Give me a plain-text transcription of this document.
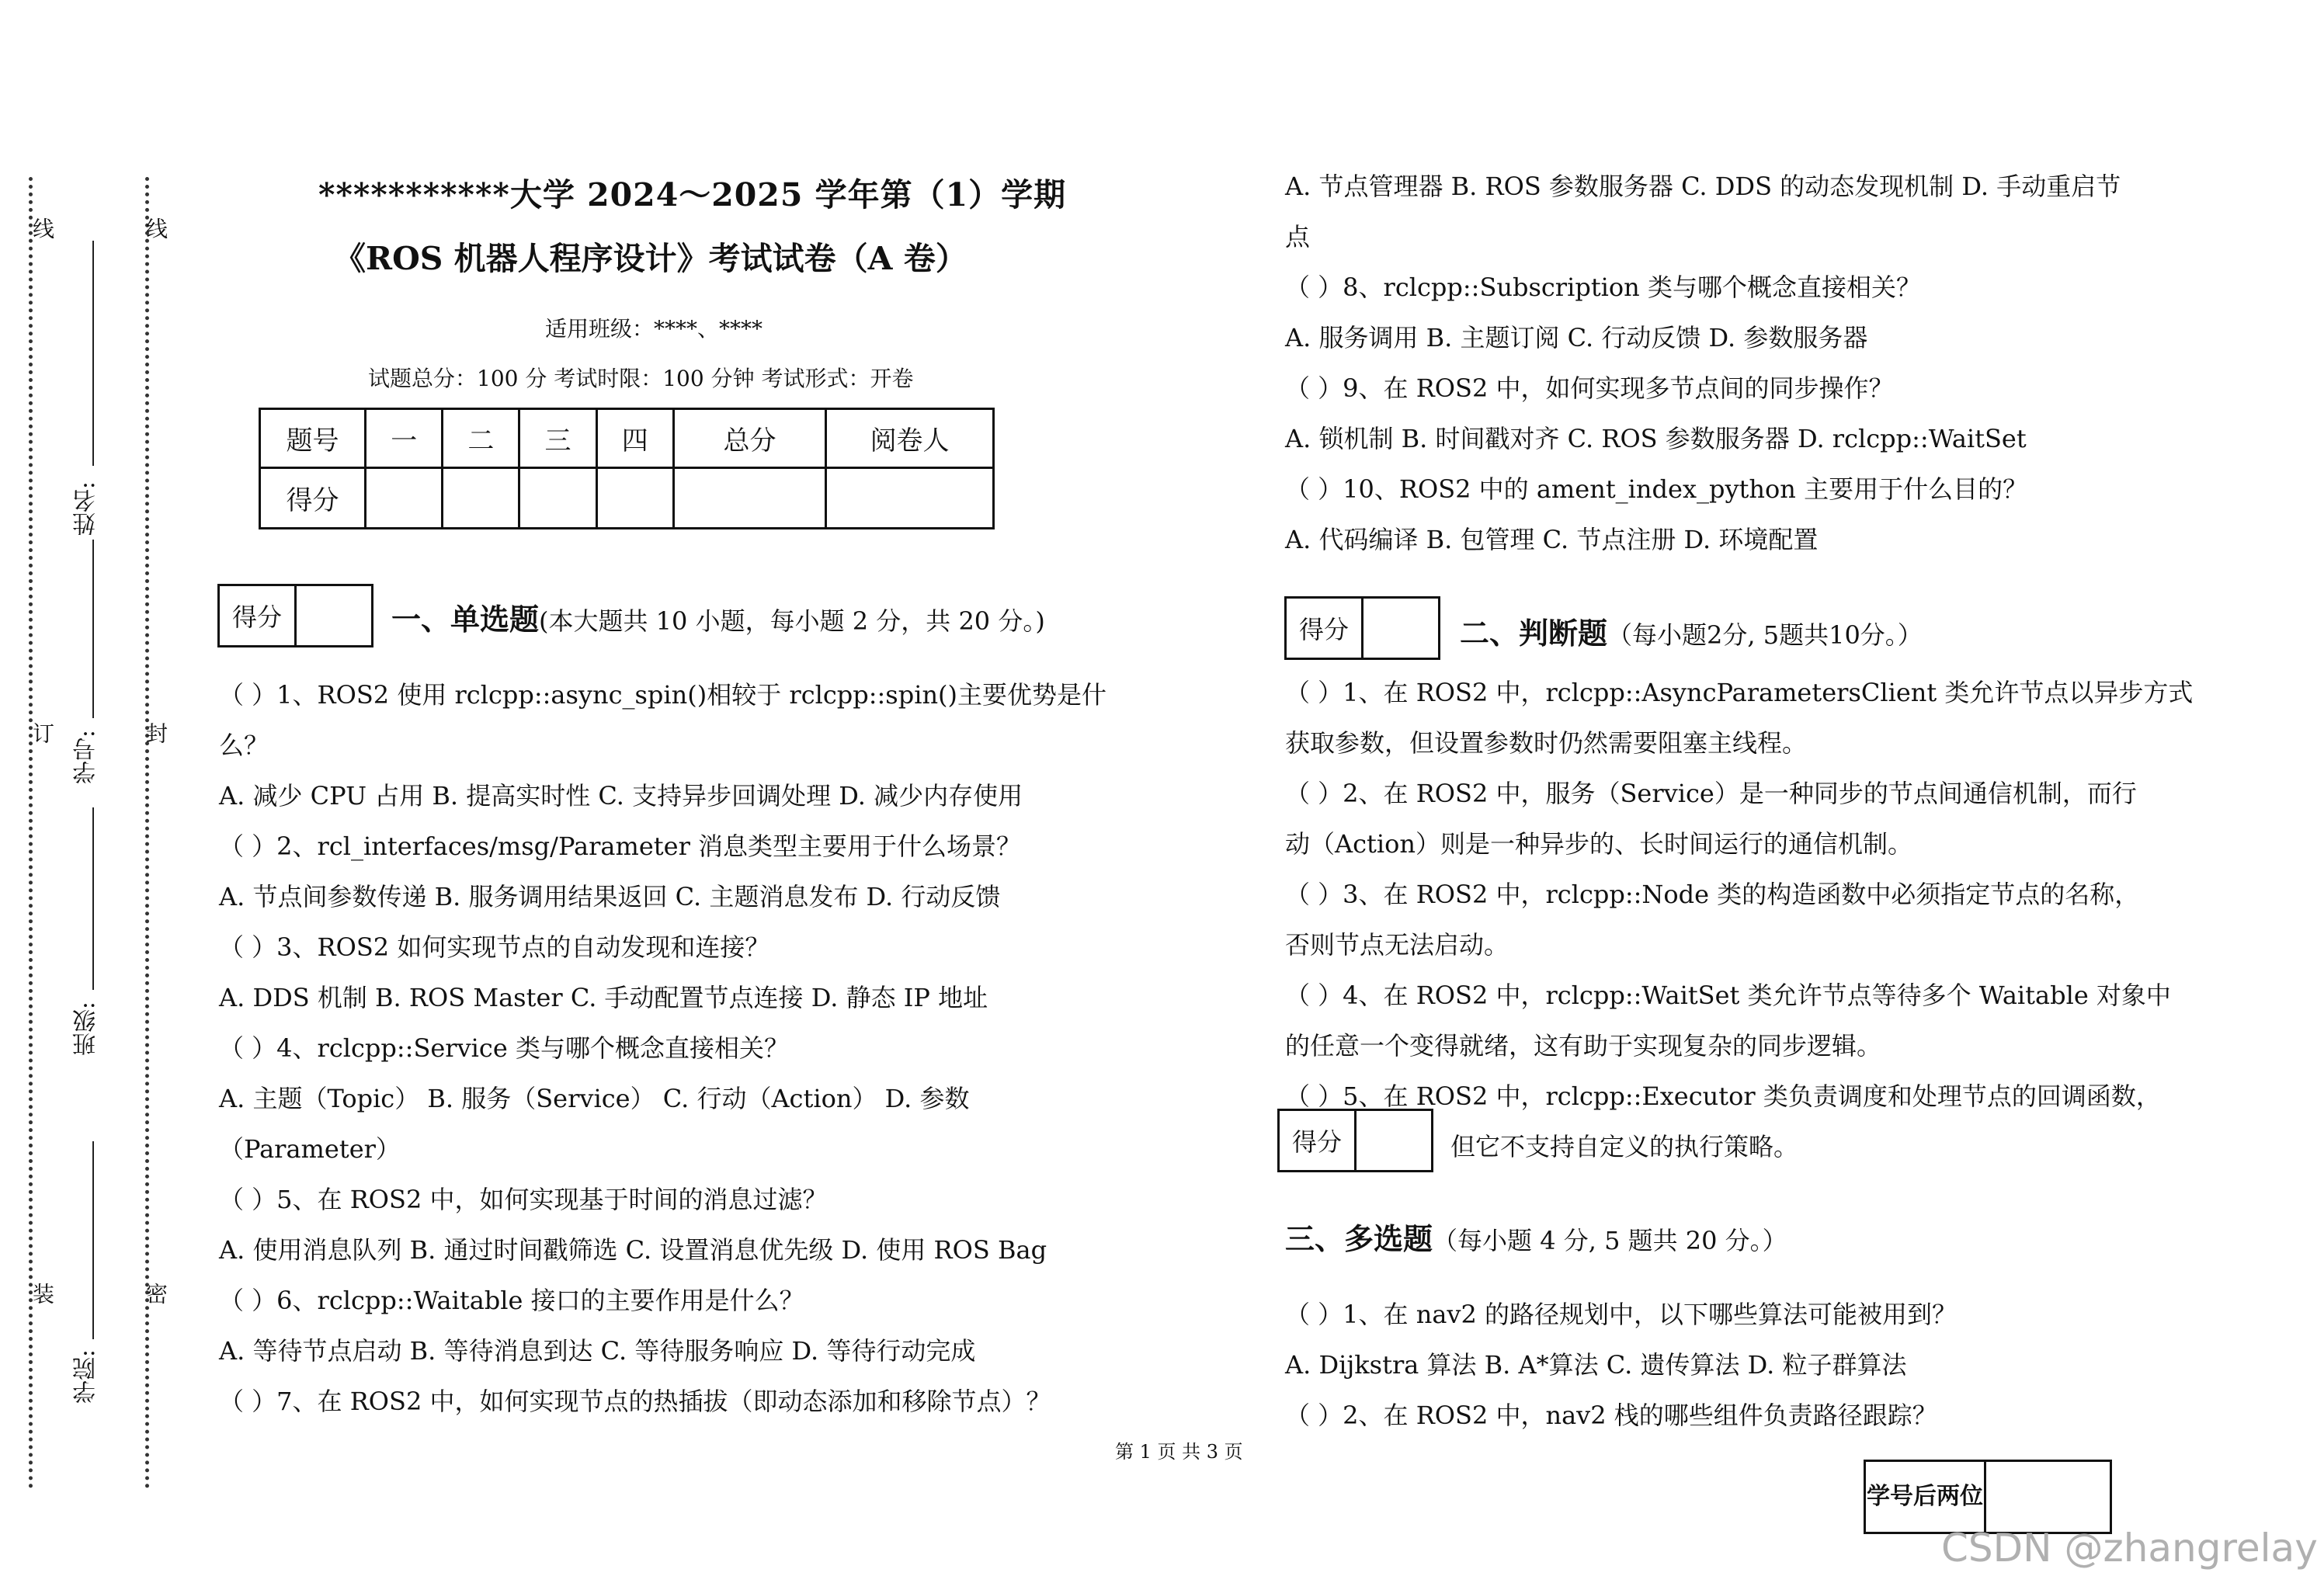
线	线
订	封
装	密
姓名:
学号:
班级:
学院:
***********大学 2024～2025 学年第（1）学期
《ROS 机器人程序设计》考试试卷（A 卷）
适用班级：****、****
试题总分：100 分 考试时限：100 分钟 考试形式：开卷
题号	一	二	三	四	总分	阅卷人
得分						
得分	一、单选题(本大题共 10 小题，每小题 2 分，共 20 分。)
（ ）1、ROS2 使用 rclcpp::async_spin()相较于 rclcpp::spin()主要优势是什
么？
A. 减少 CPU 占用 B. 提高实时性 C. 支持异步回调处理 D. 减少内存使用
（ ）2、rcl_interfaces/msg/Parameter 消息类型主要用于什么场景？
A. 节点间参数传递 B. 服务调用结果返回 C. 主题消息发布 D. 行动反馈
（ ）3、ROS2 如何实现节点的自动发现和连接？
A. DDS 机制 B. ROS Master C. 手动配置节点连接 D. 静态 IP 地址
（ ）4、rclcpp::Service 类与哪个概念直接相关？
A. 主题（Topic） B. 服务（Service） C. 行动（Action） D. 参数
（Parameter）
（ ）5、在 ROS2 中，如何实现基于时间的消息过滤？
A. 使用消息队列 B. 通过时间戳筛选 C. 设置消息优先级 D. 使用 ROS Bag
（ ）6、rclcpp::Waitable 接口的主要作用是什么？
A. 等待节点启动 B. 等待消息到达 C. 等待服务响应 D. 等待行动完成
（ ）7、在 ROS2 中，如何实现节点的热插拔（即动态添加和移除节点）？
第 1 页 共 3 页
A. 节点管理器 B. ROS 参数服务器 C. DDS 的动态发现机制 D. 手动重启节
点
（ ）8、rclcpp::Subscription 类与哪个概念直接相关？
A. 服务调用 B. 主题订阅 C. 行动反馈 D. 参数服务器
（ ）9、在 ROS2 中，如何实现多节点间的同步操作？
A. 锁机制 B. 时间戳对齐 C. ROS 参数服务器 D. rclcpp::WaitSet
（ ）10、ROS2 中的 ament_index_python 主要用于什么目的？
A. 代码编译 B. 包管理 C. 节点注册 D. 环境配置
得分	二、判断题（每小题2分, 5题共10分。）
（ ）1、在 ROS2 中，rclcpp::AsyncParametersClient 类允许节点以异步方式
获取参数，但设置参数时仍然需要阻塞主线程。
（ ）2、在 ROS2 中，服务（Service）是一种同步的节点间通信机制，而行
动（Action）则是一种异步的、长时间运行的通信机制。
（ ）3、在 ROS2 中，rclcpp::Node 类的构造函数中必须指定节点的名称，
否则节点无法启动。
（ ）4、在 ROS2 中，rclcpp::WaitSet 类允许节点等待多个 Waitable 对象中
的任意一个变得就绪，这有助于实现复杂的同步逻辑。
（ ）5、在 ROS2 中，rclcpp::Executor 类负责调度和处理节点的回调函数，
但它不支持自定义的执行策略。
得分
三、多选题（每小题 4 分, 5 题共 20 分。）
（ ）1、在 nav2 的路径规划中，以下哪些算法可能被用到？
A. Dijkstra 算法 B. A*算法 C. 遗传算法 D. 粒子群算法
（ ）2、在 ROS2 中，nav2 栈的哪些组件负责路径跟踪？
学号后两位
CSDN @zhangrelay
